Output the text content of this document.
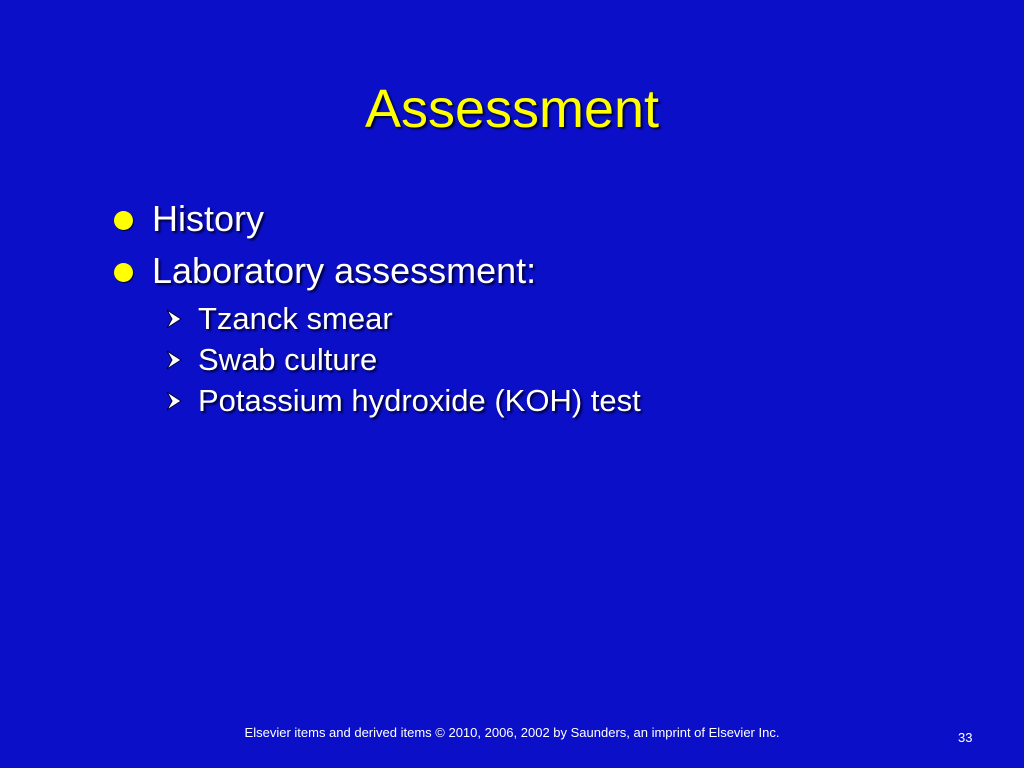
Assessment
History
Laboratory assessment:
Tzanck smear
Swab culture
Potassium hydroxide (KOH) test
Elsevier items and derived items © 2010, 2006, 2002 by Saunders, an imprint of Elsevier Inc.	33
